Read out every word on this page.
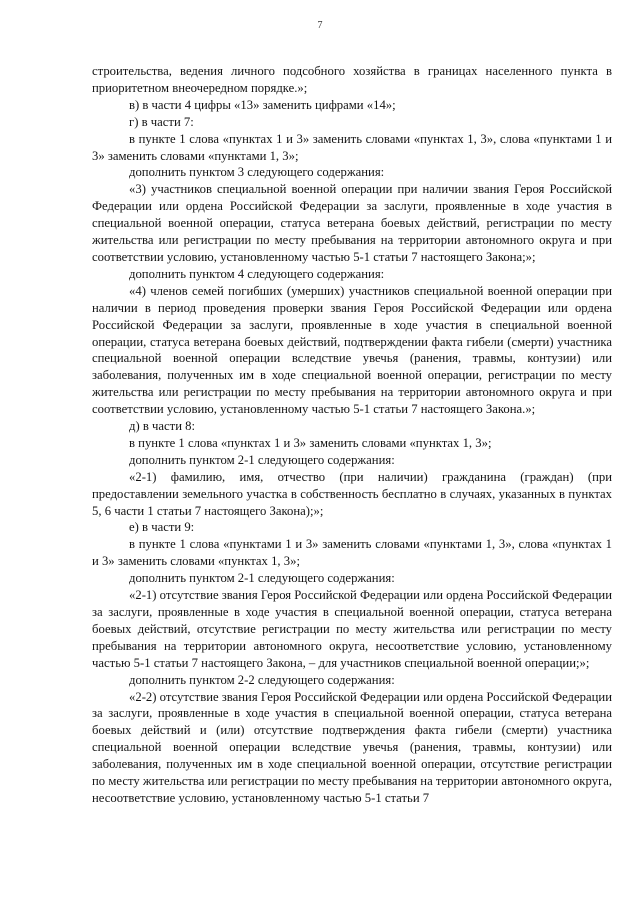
7

строительства, ведения личного подсобного хозяйства в границах населенного пункта в приоритетном внеочередном порядке.»;

в) в части 4 цифры «13» заменить цифрами «14»;

г) в части 7:

в пункте 1 слова «пунктах 1 и 3» заменить словами «пунктах 1, 3», слова «пунктами 1 и 3» заменить словами «пунктами 1, 3»;

дополнить пунктом 3 следующего содержания:

«3) участников специальной военной операции при наличии звания Героя Российской Федерации или ордена Российской Федерации за заслуги, проявленные в ходе участия в специальной военной операции, статуса ветерана боевых действий, регистрации по месту жительства или регистрации по месту пребывания на территории автономного округа и при соответствии условию, установленному частью 5-1 статьи 7 настоящего Закона;»;

дополнить пунктом 4 следующего содержания:

«4) членов семей погибших (умерших) участников специальной военной операции при наличии в период проведения проверки звания Героя Российской Федерации или ордена Российской Федерации за заслуги, проявленные в ходе участия в специальной военной операции, статуса ветерана боевых действий, подтверждении факта гибели (смерти) участника специальной военной операции вследствие увечья (ранения, травмы, контузии) или заболевания, полученных им в ходе специальной военной операции, регистрации по месту жительства или регистрации по месту пребывания на территории автономного округа и при соответствии условию, установленному частью 5-1 статьи 7 настоящего Закона.»;

д) в части 8:

в пункте 1 слова «пунктах 1 и 3» заменить словами «пунктах 1, 3»;

дополнить пунктом 2-1 следующего содержания:

«2-1) фамилию, имя, отчество (при наличии) гражданина (граждан) (при предоставлении земельного участка в собственность бесплатно в случаях, указанных в пунктах 5, 6 части 1 статьи 7 настоящего Закона);»;

е) в части 9:

в пункте 1 слова «пунктами 1 и 3» заменить словами «пунктами 1, 3», слова «пунктах 1 и 3» заменить словами «пунктах 1, 3»;

дополнить пунктом 2-1 следующего содержания:

«2-1) отсутствие звания Героя Российской Федерации или ордена Российской Федерации за заслуги, проявленные в ходе участия в специальной военной операции, статуса ветерана боевых действий, отсутствие регистрации по месту жительства или регистрации по месту пребывания на территории автономного округа, несоответствие условию, установленному частью 5-1 статьи 7 настоящего Закона, – для участников специальной военной операции;»;

дополнить пунктом 2-2 следующего содержания:

«2-2) отсутствие звания Героя Российской Федерации или ордена Российской Федерации за заслуги, проявленные в ходе участия в специальной военной операции, статуса ветерана боевых действий и (или) отсутствие подтверждения факта гибели (смерти) участника специальной военной операции вследствие увечья (ранения, травмы, контузии) или заболевания, полученных им в ходе специальной военной операции, отсутствие регистрации по месту жительства или регистрации по месту пребывания на территории автономного округа, несоответствие условию, установленному частью 5-1 статьи 7
